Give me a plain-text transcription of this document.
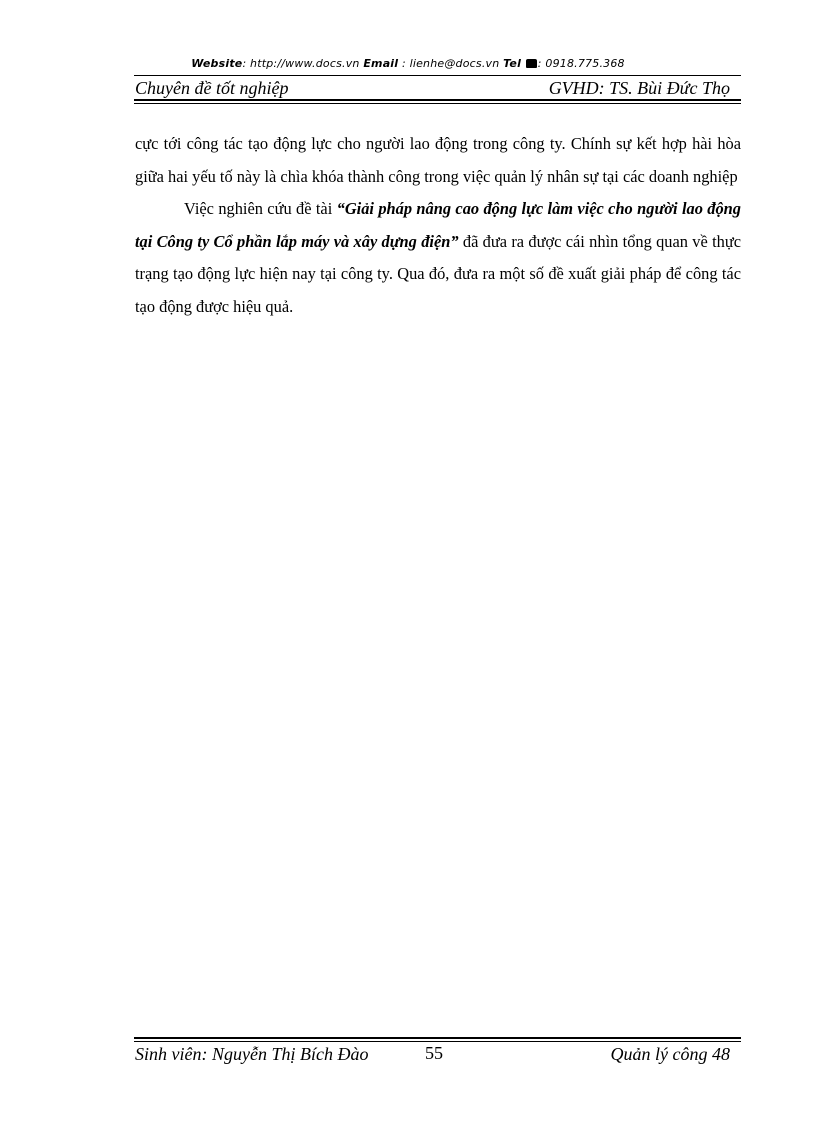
Website: http://www.docs.vn Email : lienhe@docs.vn Tel : 0918.775.368
Chuyên đề tốt nghiệp	GVHD: TS. Bùi Đức Thọ

cực tới công tác tạo động lực cho người lao động trong công ty. Chính sự kết hợp hài hòa giữa hai yếu tố này là chìa khóa thành công trong việc quản lý nhân sự tại các doanh nghiệp

Việc nghiên cứu đề tài “Giải pháp nâng cao động lực làm việc cho người lao động tại Công ty Cổ phần lắp máy và xây dựng điện” đã đưa ra được cái nhìn tổng quan về thực trạng tạo động lực hiện nay tại công ty. Qua đó, đưa ra một số đề xuất giải pháp để công tác tạo động được hiệu quả.

Sinh viên: Nguyễn Thị Bích Đào	55	Quản lý công 48
